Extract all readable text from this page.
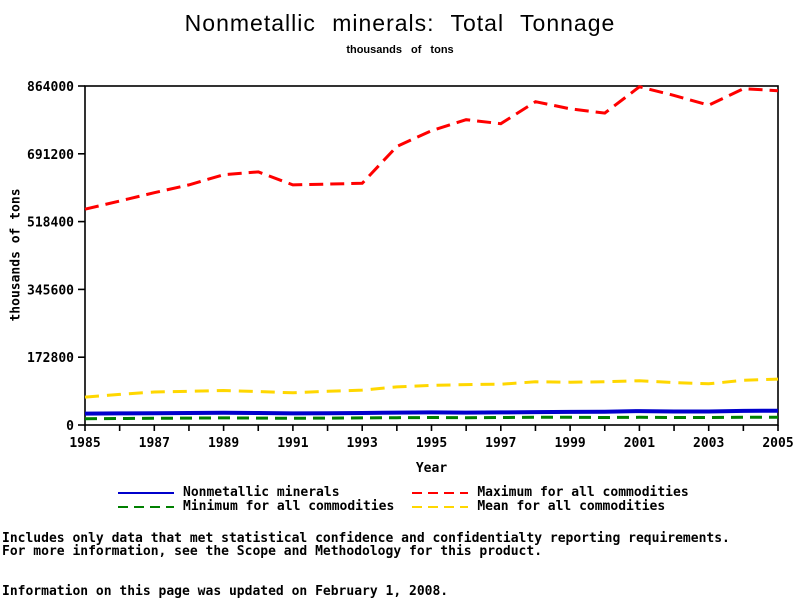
Nonmetallic minerals: Total Tonnage
thousands of tons
0
172800
345600
518400
691200
864000
1985	1987	1989	1991	1993	1995	1997	1999	2001	2003	2005
thousands of tons
Year
Nonmetallic minerals
Minimum for all commodities
Maximum for all commodities
Mean for all commodities
Includes only data that met statistical confidence and confidentialty reporting requirements.
For more information, see the Scope and Methodology for this product.
Information on this page was updated on February 1, 2008.
